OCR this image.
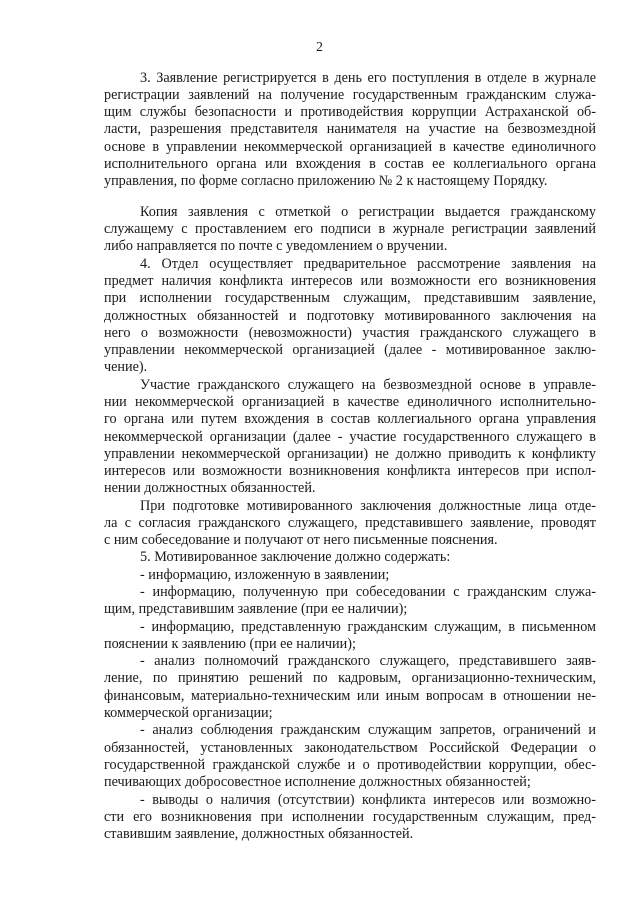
2
3. Заявление регистрируется в день его поступления в отделе в журнале
регистрации заявлений на получение государственным гражданским служа-
щим службы безопасности и противодействия коррупции Астраханской об-
ласти, разрешения представителя нанимателя на участие на безвозмездной
основе в управлении некоммерческой организацией в качестве единоличного
исполнительного органа или вхождения в состав ее коллегиального органа
управления, по форме согласно приложению № 2 к настоящему Порядку.
Копия заявления с отметкой о регистрации выдается гражданскому
служащему с проставлением его подписи в журнале регистрации заявлений
либо направляется по почте с уведомлением о вручении.
4. Отдел осуществляет предварительное рассмотрение заявления на
предмет наличия конфликта интересов или возможности его возникновения
при исполнении государственным служащим, представившим заявление,
должностных обязанностей и подготовку мотивированного заключения на
него о возможности (невозможности) участия гражданского служащего в
управлении некоммерческой организацией (далее - мотивированное заклю-
чение).
Участие гражданского служащего на безвозмездной основе в управле-
нии некоммерческой организацией в качестве единоличного исполнительно-
го органа или путем вхождения в состав коллегиального органа управления
некоммерческой организации (далее - участие государственного служащего в
управлении некоммерческой организации) не должно приводить к конфликту
интересов или возможности возникновения конфликта интересов при испол-
нении должностных обязанностей.
При подготовке мотивированного заключения должностные лица отде-
ла с согласия гражданского служащего, представившего заявление, проводят
с ним собеседование и получают от него письменные пояснения.
5. Мотивированное заключение должно содержать:
- информацию, изложенную в заявлении;
- информацию, полученную при собеседовании с гражданским служа-
щим, представившим заявление (при ее наличии);
- информацию, представленную гражданским служащим, в письменном
пояснении к заявлению (при ее наличии);
- анализ полномочий гражданского служащего, представившего заяв-
ление, по принятию решений по кадровым, организационно-техническим,
финансовым, материально-техническим или иным вопросам в отношении не-
коммерческой организации;
- анализ соблюдения гражданским служащим запретов, ограничений и
обязанностей, установленных законодательством Российской Федерации о
государственной гражданской службе и о противодействии коррупции, обес-
печивающих добросовестное исполнение должностных обязанностей;
- выводы о наличия (отсутствии) конфликта интересов или возможно-
сти его возникновения при исполнении государственным служащим, пред-
ставившим заявление, должностных обязанностей.
